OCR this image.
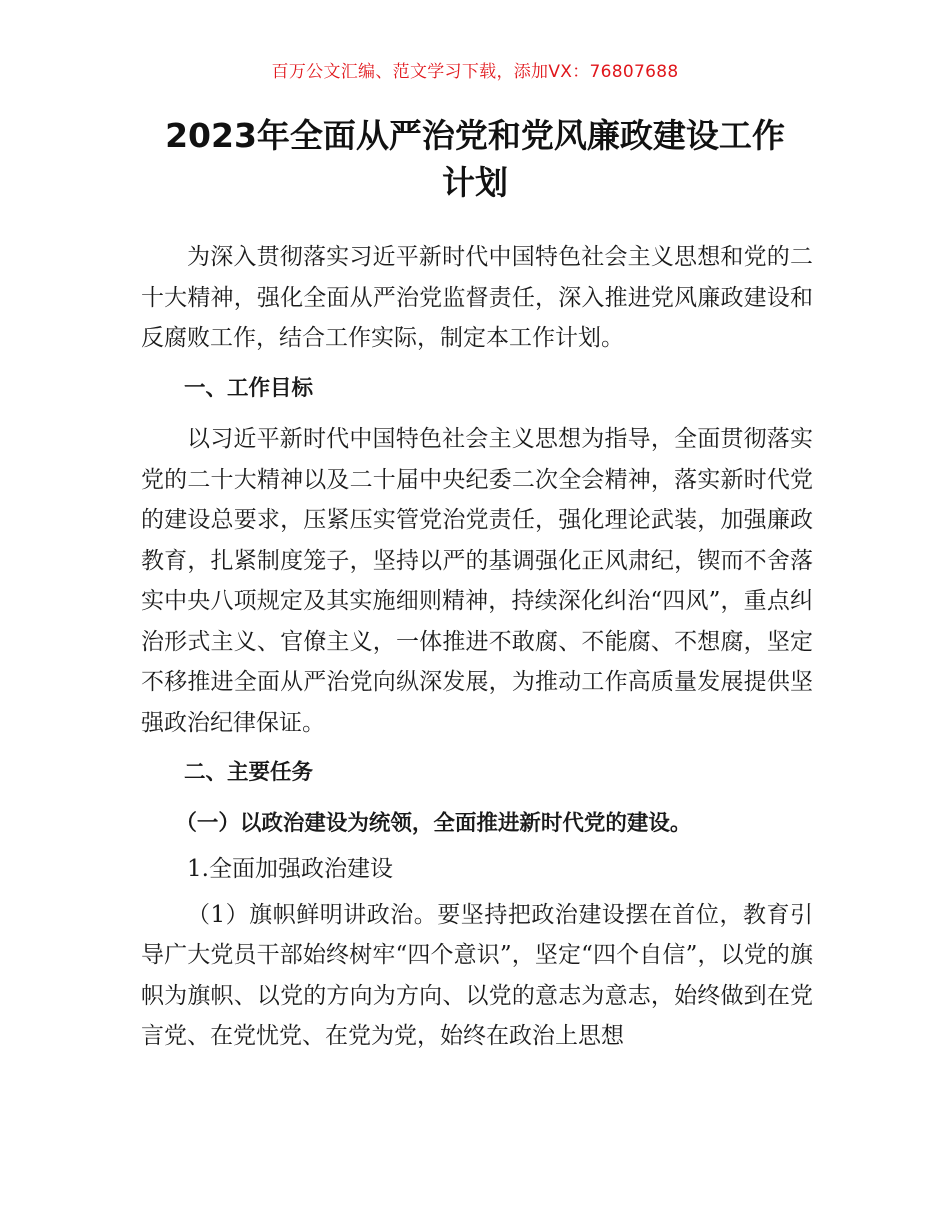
百万公文汇编、范文学习下载，添加VX：76807688
2023年全面从严治党和党风廉政建设工作
计划

为深入贯彻落实习近平新时代中国特色社会主义思想和党的二十大精神，强化全面从严治党监督责任，深入推进党风廉政建设和反腐败工作，结合工作实际，制定本工作计划。

一、工作目标

以习近平新时代中国特色社会主义思想为指导，全面贯彻落实党的二十大精神以及二十届中央纪委二次全会精神，落实新时代党的建设总要求，压紧压实管党治党责任，强化理论武装，加强廉政教育，扎紧制度笼子，坚持以严的基调强化正风肃纪，锲而不舍落实中央八项规定及其实施细则精神，持续深化纠治“四风”，重点纠治形式主义、官僚主义，一体推进不敢腐、不能腐、不想腐，坚定不移推进全面从严治党向纵深发展，为推动工作高质量发展提供坚强政治纪律保证。

二、主要任务

（一）以政治建设为统领，全面推进新时代党的建设。

1.全面加强政治建设

（1）旗帜鲜明讲政治。要坚持把政治建设摆在首位，教育引导广大党员干部始终树牢“四个意识”，坚定“四个自信”，以党的旗帜为旗帜、以党的方向为方向、以党的意志为意志，始终做到在党言党、在党忧党、在党为党，始终在政治上思想
